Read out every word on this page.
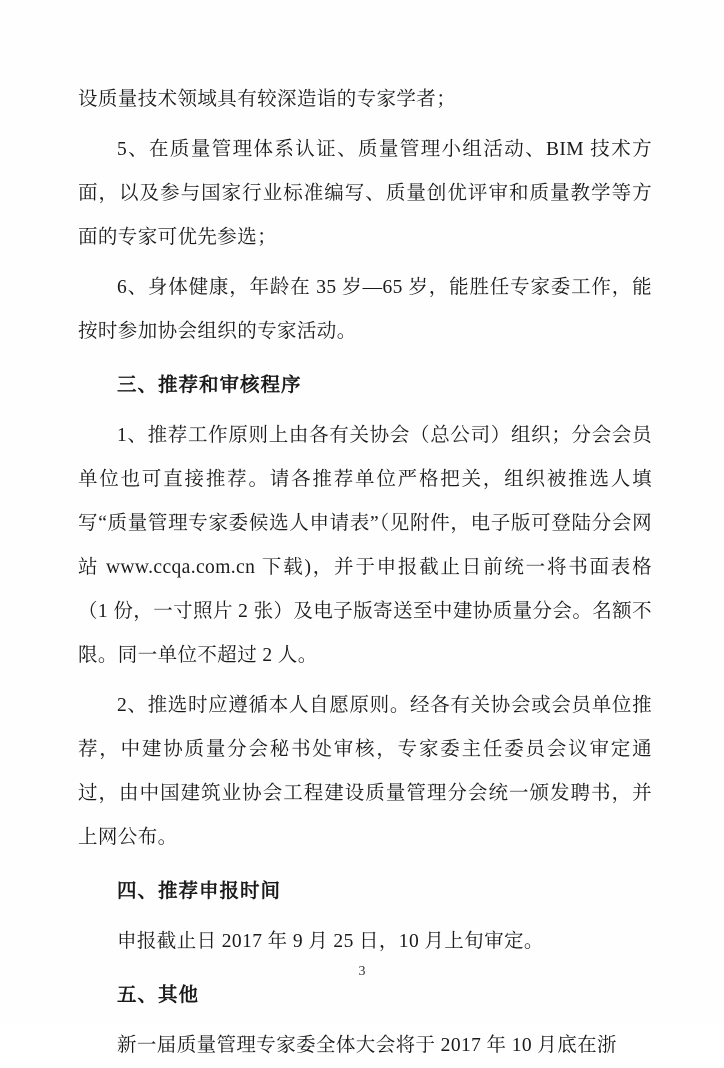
设质量技术领域具有较深造诣的专家学者；

5、在质量管理体系认证、质量管理小组活动、BIM 技术方面，以及参与国家行业标准编写、质量创优评审和质量教学等方面的专家可优先参选；

6、身体健康，年龄在 35 岁—65 岁，能胜任专家委工作，能按时参加协会组织的专家活动。

三、推荐和审核程序

1、推荐工作原则上由各有关协会（总公司）组织；分会会员单位也可直接推荐。请各推荐单位严格把关，组织被推选人填写“质量管理专家委候选人申请表”（见附件，电子版可登陆分会网站 www.ccqa.com.cn 下载)，并于申报截止日前统一将书面表格（1 份，一寸照片 2 张）及电子版寄送至中建协质量分会。名额不限。同一单位不超过 2 人。

2、推选时应遵循本人自愿原则。经各有关协会或会员单位推荐，中建协质量分会秘书处审核，专家委主任委员会议审定通过，由中国建筑业协会工程建设质量管理分会统一颁发聘书，并上网公布。

四、推荐申报时间

申报截止日 2017 年 9 月 25 日，10 月上旬审定。

五、其他

新一届质量管理专家委全体大会将于 2017 年 10 月底在浙

3
